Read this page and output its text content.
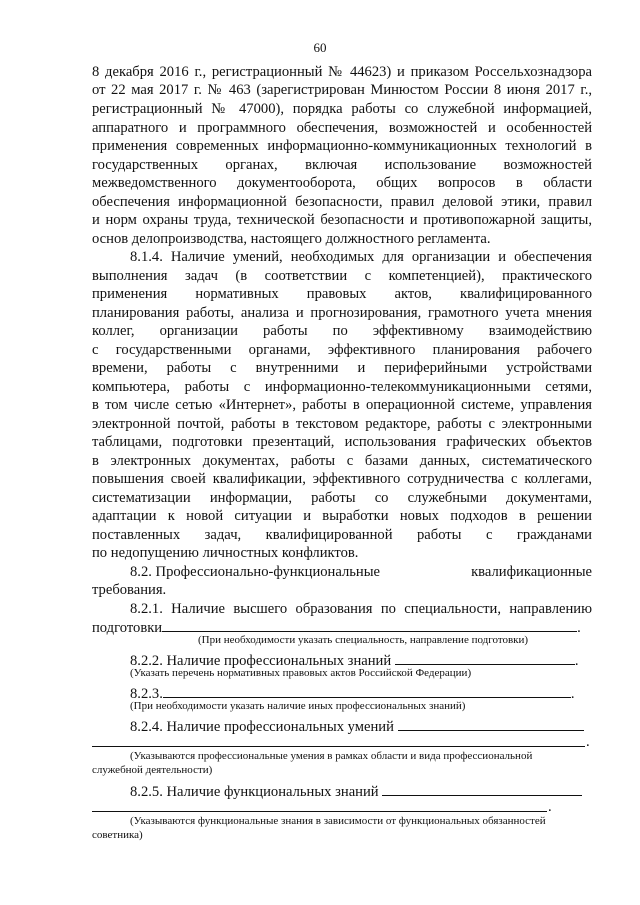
60
8 декабря 2016 г., регистрационный № 44623) и приказом Россельхознадзора
от 22 мая 2017 г. № 463 (зарегистрирован Минюстом России 8 июня 2017 г.,
регистрационный № 47000), порядка работы со служебной информацией,
аппаратного и программного обеспечения, возможностей и особенностей
применения современных информационно-коммуникационных технологий в
государственных органах, включая использование возможностей
межведомственного документооборота, общих вопросов в области
обеспечения информационной безопасности, правил деловой этики, правил
и норм охраны труда, технической безопасности и противопожарной защиты,
основ делопроизводства, настоящего должностного регламента.
8.1.4. Наличие умений, необходимых для организации и обеспечения
выполнения задач (в соответствии с компетенцией), практического
применения нормативных правовых актов, квалифицированного
планирования работы, анализа и прогнозирования, грамотного учета мнения
коллег, организации работы по эффективному взаимодействию
с государственными органами, эффективного планирования рабочего
времени, работы с внутренними и периферийными устройствами
компьютера, работы с информационно-телекоммуникационными сетями,
в том числе сетью «Интернет», работы в операционной системе, управления
электронной почтой, работы в текстовом редакторе, работы с электронными
таблицами, подготовки презентаций, использования графических объектов
в электронных документах, работы с базами данных, систематического
повышения своей квалификации, эффективного сотрудничества с коллегами,
систематизации информации, работы со служебными документами,
адаптации к новой ситуации и выработки новых подходов в решении
поставленных задач, квалифицированной работы с гражданами
по недопущению личностных конфликтов.
8.2. Профессионально-функциональные	квалификационные
требования.
8.2.1. Наличие высшего образования по специальности, направлению
подготовки	.
(При необходимости указать специальность, направление подготовки)
8.2.2. Наличие профессиональных знаний	.
(Указать перечень нормативных правовых актов Российской Федерации)
8.2.3.	.
(При необходимости указать наличие иных профессиональных знаний)
8.2.4. Наличие профессиональных умений
.
(Указываются профессиональные умения в рамках области и вида профессиональной
служебной деятельности)
8.2.5. Наличие функциональных знаний
.
(Указываются функциональные знания в зависимости от функциональных обязанностей
советника)
